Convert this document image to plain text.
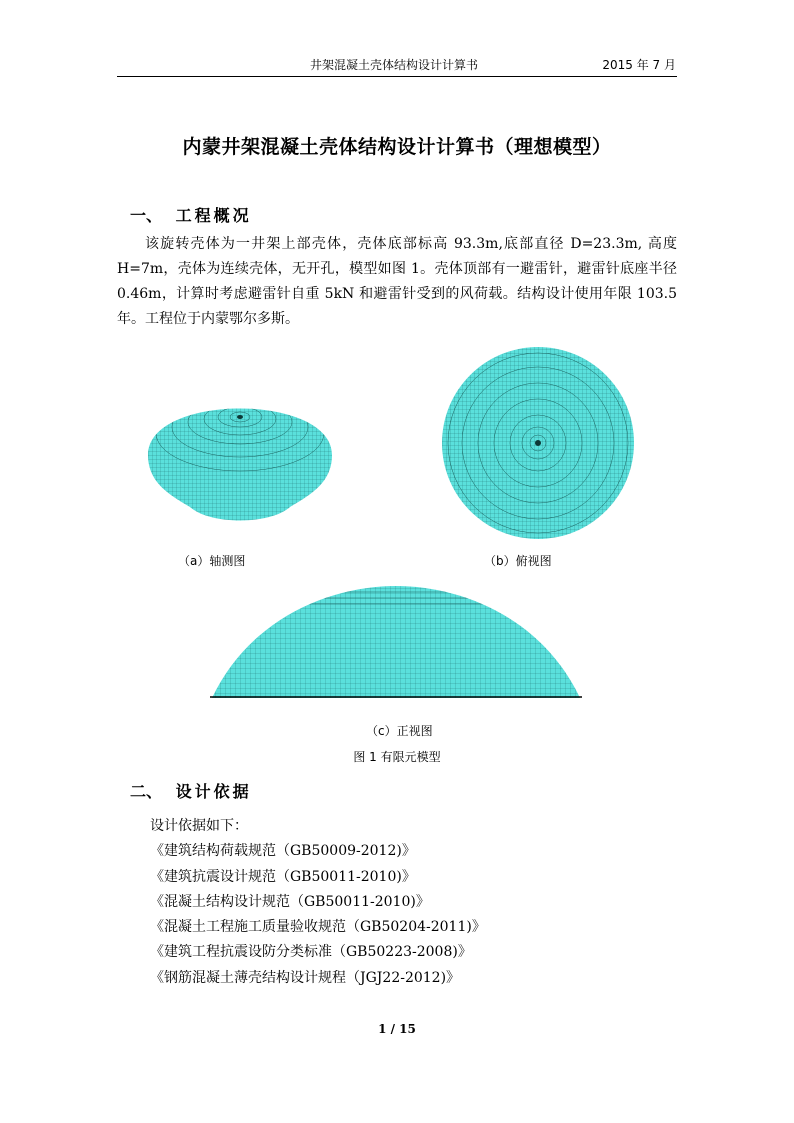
井架混凝土壳体结构设计计算书	2015 年 7 月
内蒙井架混凝土壳体结构设计计算书（理想模型）
一、 工程概况
该旋转壳体为一井架上部壳体，壳体底部标高 93.3m,底部直径 D=23.3m, 高度 H=7m，壳体为连续壳体，无开孔，模型如图 1。壳体顶部有一避雷针，避雷针底座半径 0.46m，计算时考虑避雷针自重 5kN 和避雷针受到的风荷载。结构设计使用年限 103.5 年。工程位于内蒙鄂尔多斯。
（a）轴测图	（b）俯视图
（c）正视图
图 1 有限元模型
二、 设计依据
设计依据如下：
《建筑结构荷载规范（GB50009-2012)》
《建筑抗震设计规范（GB50011-2010)》
《混凝土结构设计规范（GB50011-2010)》
《混凝土工程施工质量验收规范（GB50204-2011)》
《建筑工程抗震设防分类标准（GB50223-2008)》
《钢筋混凝土薄壳结构设计规程（JGJ22-2012)》
1 / 15
